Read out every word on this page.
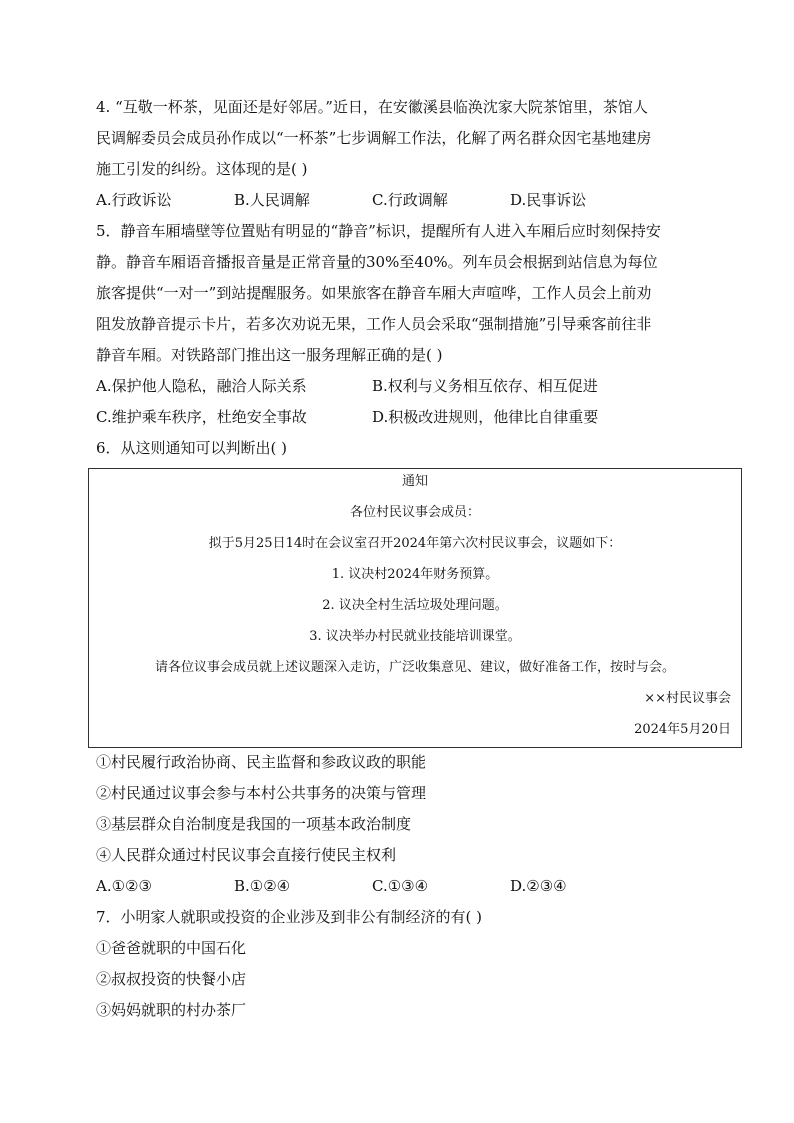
4. “互敬一杯茶，见面还是好邻居。”近日，在安徽溪县临涣沈家大院茶馆里，茶馆人
民调解委员会成员孙作成以“一杯茶”七步调解工作法，化解了两名群众因宅基地建房
施工引发的纠纷。这体现的是( )
A.行政诉讼	B.人民调解	C.行政调解	D.民事诉讼
5．静音车厢墙壁等位置贴有明显的“静音”标识，提醒所有人进入车厢后应时刻保持安
静。静音车厢语音播报音量是正常音量的30%至40%。列车员会根据到站信息为每位
旅客提供“一对一”到站提醒服务。如果旅客在静音车厢大声喧哗，工作人员会上前劝
阻发放静音提示卡片，若多次劝说无果，工作人员会采取“强制措施”引导乘客前往非
静音车厢。对铁路部门推出这一服务理解正确的是( )
A.保护他人隐私，融洽人际关系	B.权利与义务相互依存、相互促进
C.维护乘车秩序，杜绝安全事故	D.积极改进规则，他律比自律重要
6．从这则通知可以判断出( )
通知
各位村民议事会成员：
拟于5月25日14时在会议室召开2024年第六次村民议事会，议题如下：
1. 议决村2024年财务预算。
2. 议决全村生活垃圾处理问题。
3. 议决举办村民就业技能培训课堂。
请各位议事会成员就上述议题深入走访，广泛收集意见、建议，做好准备工作，按时与会。
××村民议事会
2024年5月20日
①村民履行政治协商、民主监督和参政议政的职能
②村民通过议事会参与本村公共事务的决策与管理
③基层群众自治制度是我国的一项基本政治制度
④人民群众通过村民议事会直接行使民主权利
A.①②③	B.①②④	C.①③④	D.②③④
7．小明家人就职或投资的企业涉及到非公有制经济的有( )
①爸爸就职的中国石化
②叔叔投资的快餐小店
③妈妈就职的村办茶厂
